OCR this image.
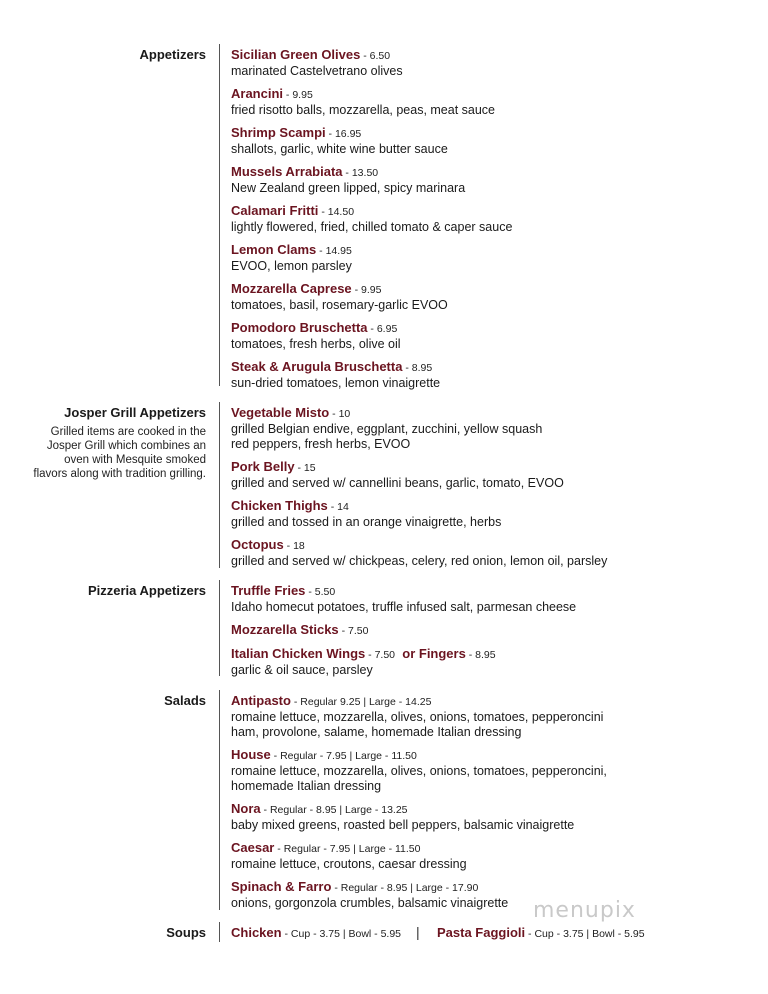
Appetizers Sicilian Green Olives - 6.50
marinated Castelvetrano olives
Arancini - 9.95
fried risotto balls, mozzarella, peas, meat sauce
Shrimp Scampi - 16.95
shallots, garlic, white wine butter sauce
Mussels Arrabiata - 13.50
New Zealand green lipped, spicy marinara
Calamari Fritti - 14.50
lightly flowered, fried, chilled tomato & caper sauce
Lemon Clams - 14.95
EVOO, lemon parsley
Mozzarella Caprese - 9.95
tomatoes, basil, rosemary-garlic EVOO
Pomodoro Bruschetta - 6.95
tomatoes, fresh herbs, olive oil
Steak & Arugula Bruschetta - 8.95
sun-dried tomatoes, lemon vinaigrette
Josper Grill Appetizers
Grilled items are cooked in the
Josper Grill which combines an
oven with Mesquite smoked
flavors along with tradition grilling.
Vegetable Misto - 10
grilled Belgian endive, eggplant, zucchini, yellow squash
red peppers, fresh herbs, EVOO
Pork Belly - 15
grilled and served w/ cannellini beans, garlic, tomato, EVOO
Chicken Thighs - 14
grilled and tossed in an orange vinaigrette, herbs
Octopus - 18
grilled and served w/ chickpeas, celery, red onion, lemon oil, parsley
Pizzeria Appetizers Truffle Fries - 5.50
Idaho homecut potatoes, truffle infused salt, parmesan cheese
Mozzarella Sticks - 7.50
Italian Chicken Wings - 7.50 or Fingers - 8.95
garlic & oil sauce, parsley
Salads Antipasto - Regular 9.25 | Large - 14.25
romaine lettuce, mozzarella, olives, onions, tomatoes, pepperoncini
ham, provolone, salame, homemade Italian dressing
House - Regular - 7.95 | Large - 11.50
romaine lettuce, mozzarella, olives, onions, tomatoes, pepperoncini,
homemade Italian dressing
Nora - Regular - 8.95 | Large - 13.25
baby mixed greens, roasted bell peppers, balsamic vinaigrette
Caesar - Regular - 7.95 | Large - 11.50
romaine lettuce, croutons, caesar dressing
Spinach & Farro - Regular - 8.95 | Large - 17.90
onions, gorgonzola crumbles, balsamic vinaigrette
Soups Chicken - Cup - 3.75 | Bowl - 5.95	| Pasta Faggioli - Cup - 3.75 | Bowl - 5.95
menupix
